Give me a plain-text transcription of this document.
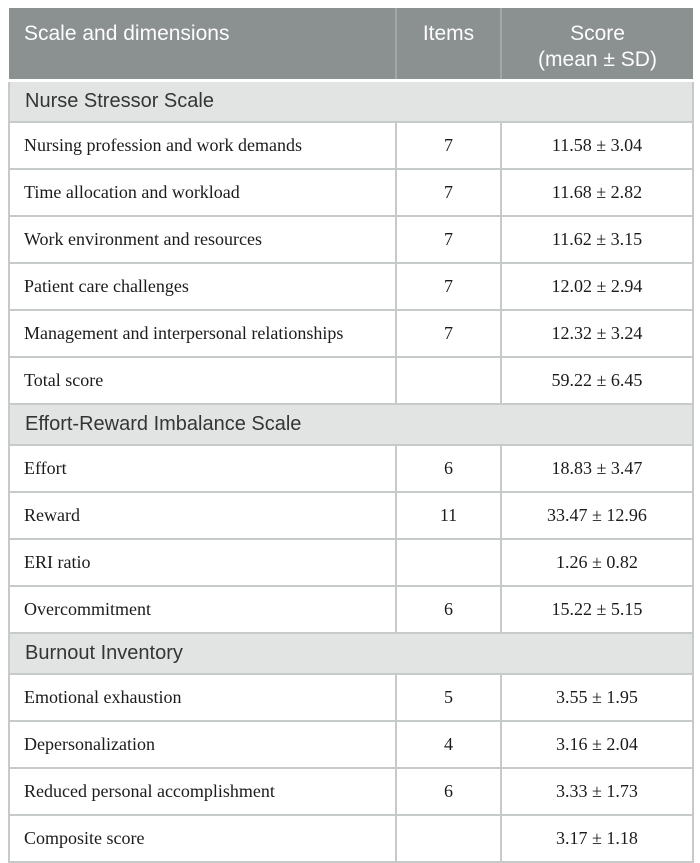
Scale and dimensions	Items	Score
(mean ± SD)
Nurse Stressor Scale		
Nursing profession and work demands	7	11.58 ± 3.04
Time allocation and workload	7	11.68 ± 2.82
Work environment and resources	7	11.62 ± 3.15
Patient care challenges	7	12.02 ± 2.94
Management and interpersonal relationships	7	12.32 ± 3.24
Total score		59.22 ± 6.45
Effort-Reward Imbalance Scale		
Effort	6	18.83 ± 3.47
Reward	11	33.47 ± 12.96
ERI ratio		1.26 ± 0.82
Overcommitment	6	15.22 ± 5.15
Burnout Inventory		
Emotional exhaustion	5	3.55 ± 1.95
Depersonalization	4	3.16 ± 2.04
Reduced personal accomplishment	6	3.33 ± 1.73
Composite score		3.17 ± 1.18
